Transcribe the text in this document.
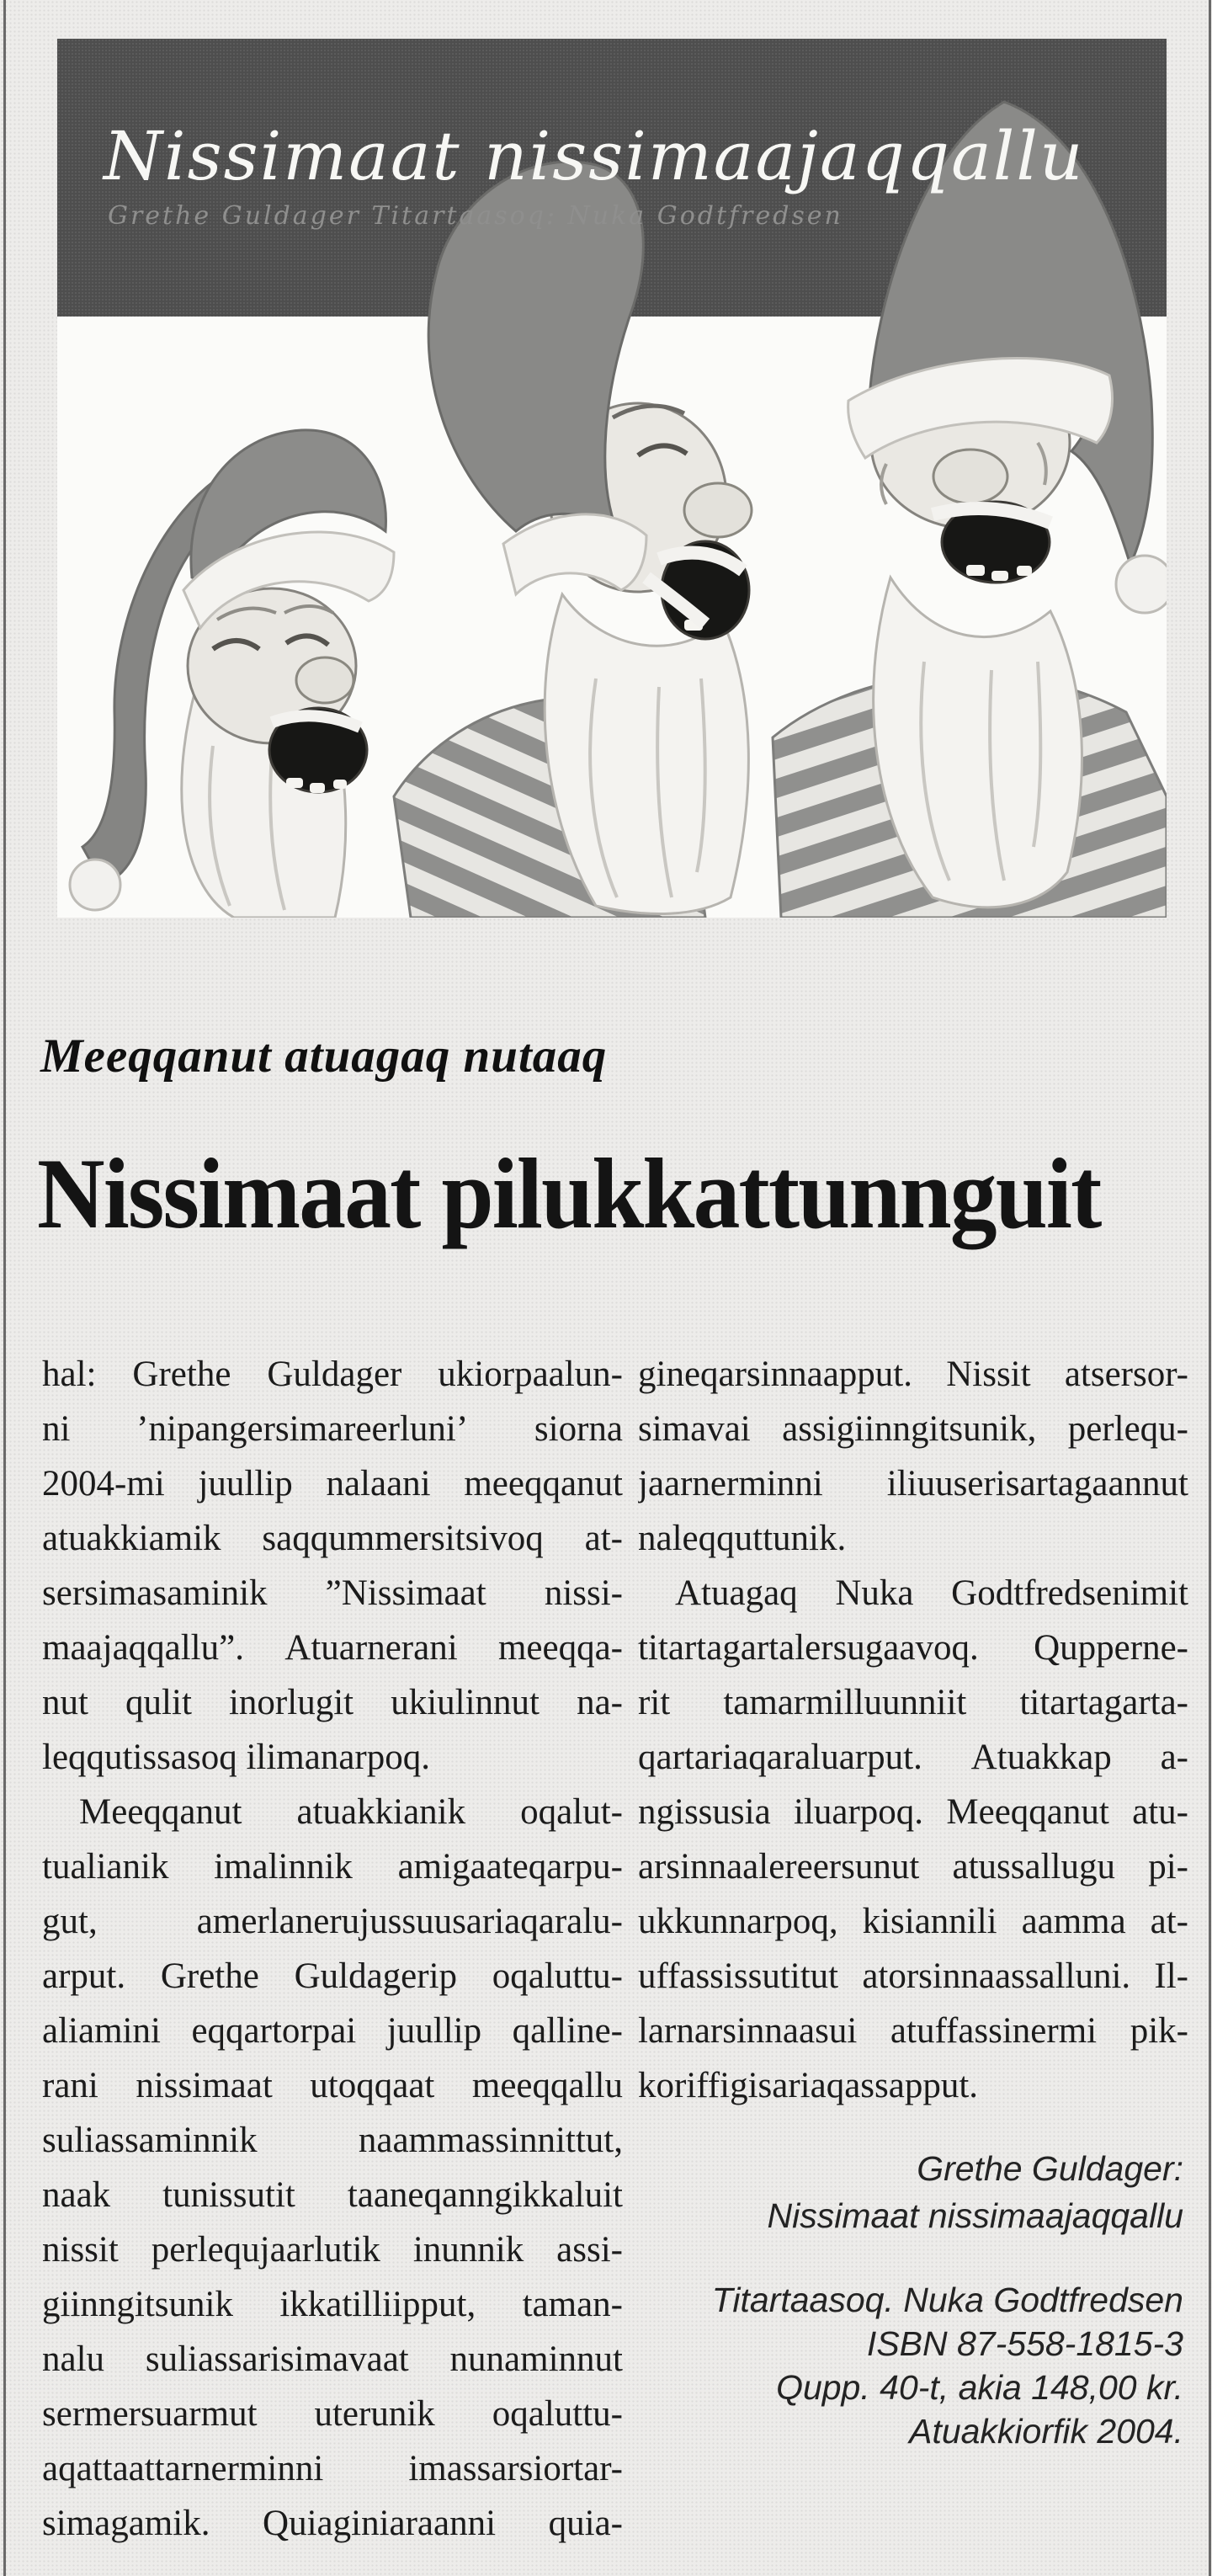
Nissimaat nissimaajaqqallu
Grethe Guldager Titartaasoq: Nuka Godtfredsen
Meeqqanut atuagaq nutaaq
Nissimaat pilukkattunnguit
hal: Grethe Guldager ukiorpaalun-
ni ’nipangersimareerluni’ siorna
2004-mi juullip nalaani meeqqanut
atuakkiamik saqqummersitsivoq at-
sersimasaminik ”Nissimaat nissi-
maajaqqallu”. Atuarnerani meeqqa-
nut qulit inorlugit ukiulinnut na-
leqqutissasoq ilimanarpoq.
Meeqqanut atuakkianik oqalut-
tualianik imalinnik amigaateqarpu-
gut,	amerlanerujussuusariaqaralu-
arput. Grethe Guldagerip oqaluttu-
aliamini eqqartorpai juullip qalline-
rani nissimaat utoqqaat meeqqallu
suliassaminnik	naammassinnittut,
naak tunissutit taaneqanngikkaluit
nissit perlequjaarlutik inunnik assi-
giinngitsunik ikkatilliipput, taman-
nalu suliassarisimavaat nunaminnut
sermersuarmut uterunik oqaluttu-
aqattaattarnerminni imassarsiortar-
simagamik. Quiaginiaraanni quia-
gineqarsinnaapput. Nissit atsersor-
simavai assigiinngitsunik, perlequ-
jaarnerminni iliuuserisartagaannut
naleqquttunik.
Atuagaq Nuka Godtfredsenimit
titartagartalersugaavoq. Qupperne-
rit tamarmilluunniit titartagarta-
qartariaqaraluarput. Atuakkap a-
ngissusia iluarpoq. Meeqqanut atu-
arsinnaalereersunut atussallugu pi-
ukkunnarpoq, kisiannili aamma at-
uffassissutitut atorsinnaassalluni. Il-
larnarsinnaasui atuffassinermi pik-
koriffigisariaqassapput.
Grethe Guldager:
Nissimaat nissimaajaqqallu
Titartaasoq. Nuka Godtfredsen
ISBN 87-558-1815-3
Qupp. 40-t, akia 148,00 kr.
Atuakkiorfik 2004.
